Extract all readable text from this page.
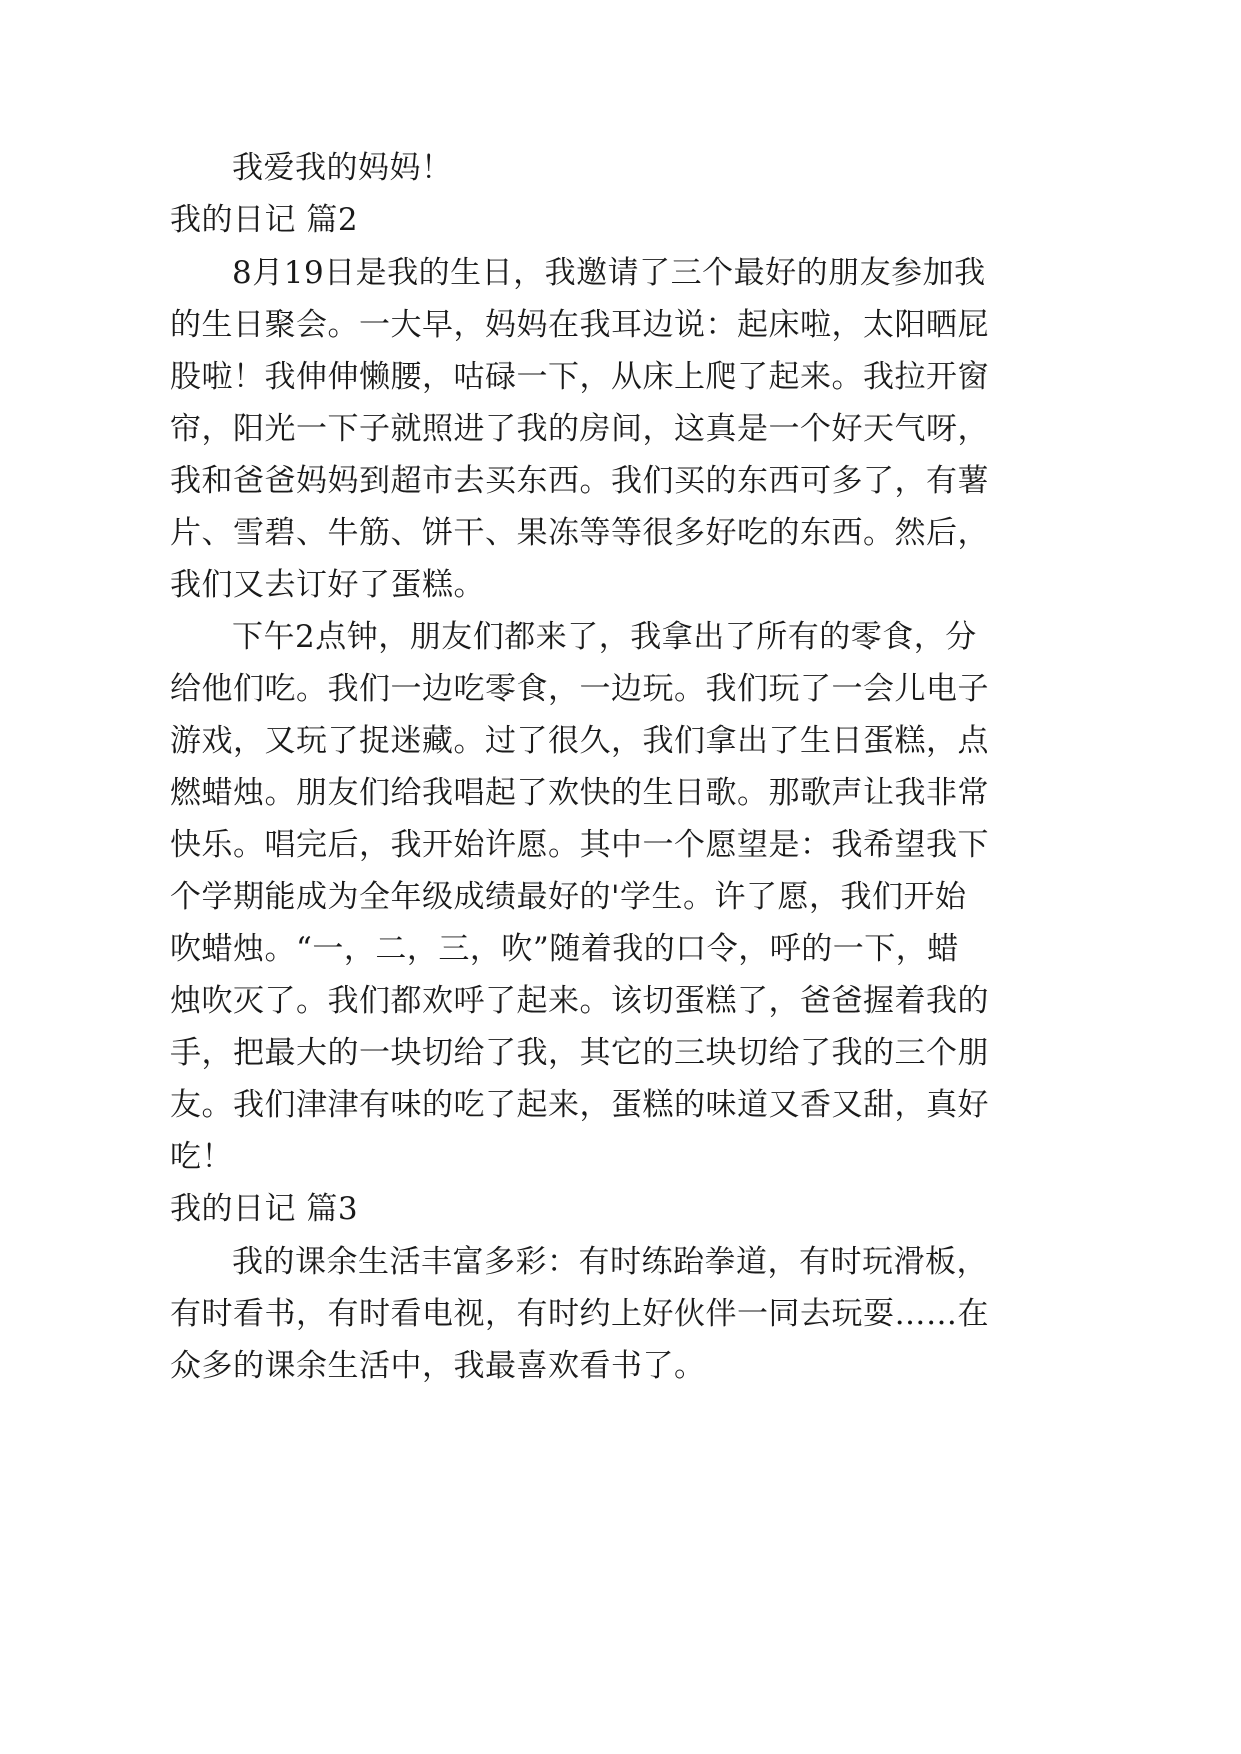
我爱我的妈妈！
我的日记 篇2
8月19日是我的生日，我邀请了三个最好的朋友参加我
的生日聚会。一大早，妈妈在我耳边说：起床啦，太阳晒屁
股啦！我伸伸懒腰，咕碌一下，从床上爬了起来。我拉开窗
帘，阳光一下子就照进了我的房间，这真是一个好天气呀，
我和爸爸妈妈到超市去买东西。我们买的东西可多了，有薯
片、雪碧、牛筋、饼干、果冻等等很多好吃的东西。然后，
我们又去订好了蛋糕。
下午2点钟，朋友们都来了，我拿出了所有的零食，分
给他们吃。我们一边吃零食，一边玩。我们玩了一会儿电子
游戏，又玩了捉迷藏。过了很久，我们拿出了生日蛋糕，点
燃蜡烛。朋友们给我唱起了欢快的生日歌。那歌声让我非常
快乐。唱完后，我开始许愿。其中一个愿望是：我希望我下
个学期能成为全年级成绩最好的'学生。许了愿，我们开始
吹蜡烛。“一，二，三，吹”随着我的口令，呼的一下，蜡
烛吹灭了。我们都欢呼了起来。该切蛋糕了，爸爸握着我的
手，把最大的一块切给了我，其它的三块切给了我的三个朋
友。我们津津有味的吃了起来，蛋糕的味道又香又甜，真好
吃！
我的日记 篇3
我的课余生活丰富多彩：有时练跆拳道，有时玩滑板，
有时看书，有时看电视，有时约上好伙伴一同去玩耍……在
众多的课余生活中，我最喜欢看书了。
